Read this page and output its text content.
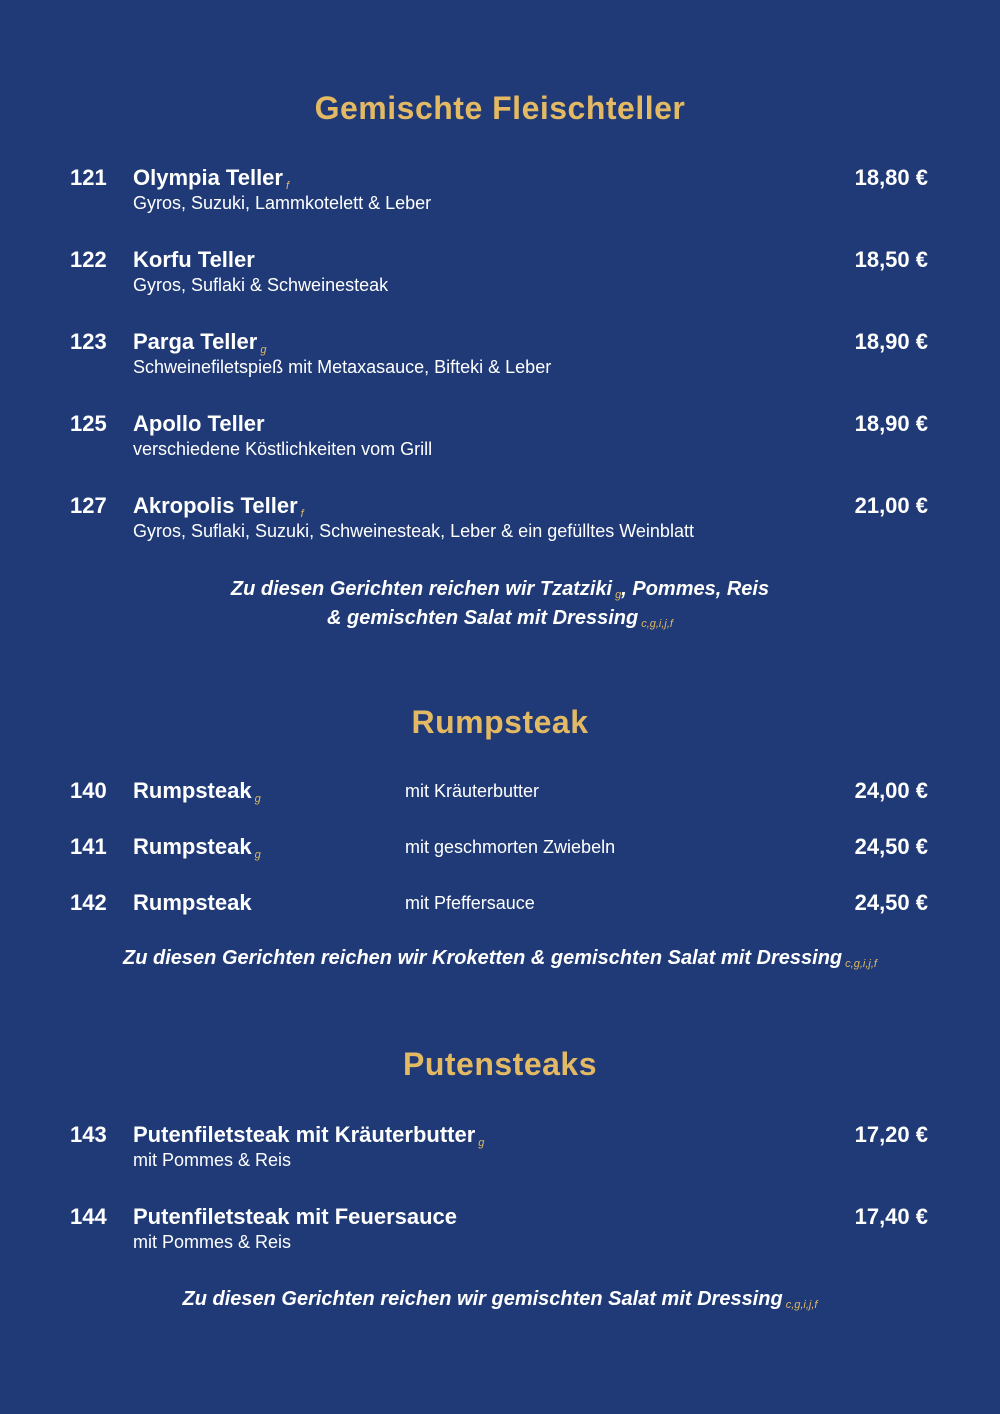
Gemischte Fleischteller
121 Olympia Teller f
Gyros, Suzuki, Lammkotelett & Leber
18,80 €
122 Korfu Teller
Gyros, Suflaki & Schweinesteak
18,50 €
123 Parga Teller g
Schweinefiletspieß mit Metaxasauce, Bifteki & Leber
18,90 €
125 Apollo Teller
verschiedene Köstlichkeiten vom Grill
18,90 €
127 Akropolis Teller f
Gyros, Suflaki, Suzuki, Schweinesteak, Leber & ein gefülltes Weinblatt
21,00 €
Zu diesen Gerichten reichen wir Tzatziki g, Pommes, Reis
& gemischten Salat mit Dressing c,g,i,j,f
Rumpsteak
140 Rumpsteak g	mit Kräuterbutter	24,00 €
141 Rumpsteak g	mit geschmorten Zwiebeln	24,50 €
142 Rumpsteak	mit Pfeffersauce	24,50 €
Zu diesen Gerichten reichen wir Kroketten & gemischten Salat mit Dressing c,g,i,j,f
Putensteaks
143 Putenfiletsteak mit Kräuterbutter g
mit Pommes & Reis
17,20 €
144 Putenfiletsteak mit Feuersauce
mit Pommes & Reis
17,40 €
Zu diesen Gerichten reichen wir gemischten Salat mit Dressing c,g,i,j,f
